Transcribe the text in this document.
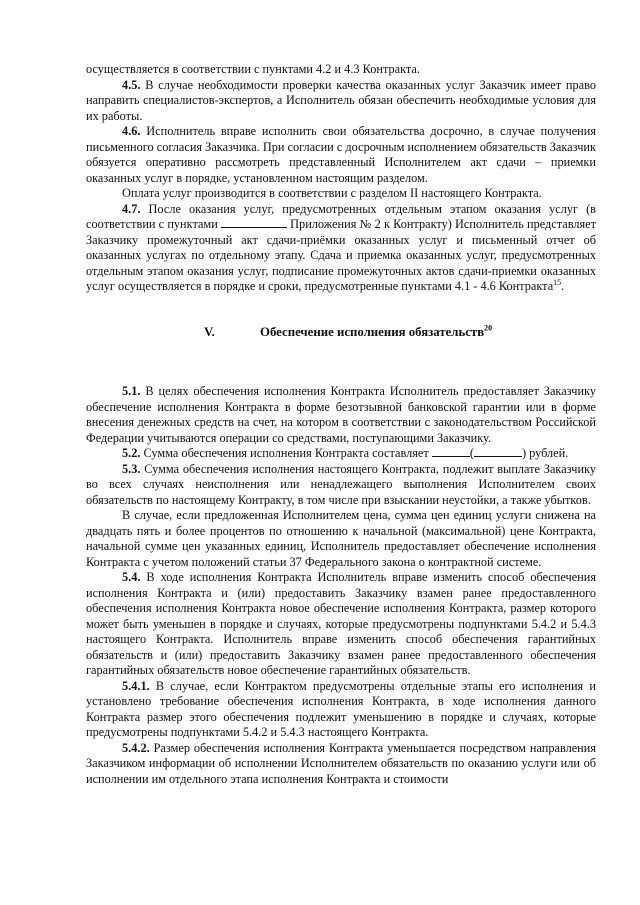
осуществляется в соответствии с пунктами 4.2 и 4.3 Контракта.

4.5. В случае необходимости проверки качества оказанных услуг Заказчик имеет право направить специалистов-экспертов, а Исполнитель обязан обеспечить необходимые условия для их работы.

4.6. Исполнитель вправе исполнить свои обязательства досрочно, в случае получения письменного согласия Заказчика. При согласии с досрочным исполнением обязательств Заказчик обязуется оперативно рассмотреть представленный Исполнителем акт сдачи – приемки оказанных услуг в порядке, установленном настоящим разделом.

Оплата услуг производится в соответствии с разделом II настоящего Контракта.

4.7. После оказания услуг, предусмотренных отдельным этапом оказания услуг (в соответствии с пунктами	Приложения № 2 к Контракту) Исполнитель представляет Заказчику промежуточный акт сдачи-приёмки оказанных услуг и письменный отчет об оказанных услугах по отдельному этапу. Сдача и приемка оказанных услуг, предусмотренных отдельным этапом оказания услуг, подписание промежуточных актов сдачи-приемки оказанных услуг осуществляется в порядке и сроки, предусмотренные пунктами 4.1 - 4.6 Контракта$^{15}$.

V.	Обеспечение исполнения обязательств$^{20}$

5.1. В целях обеспечения исполнения Контракта Исполнитель предоставляет Заказчику обеспечение исполнения Контракта в форме безотзывной банковской гарантии или в форме внесения денежных средств на счет, на котором в соответствии с законодательством Российской Федерации учитываются операции со средствами, поступающими Заказчику.

5.2. Сумма обеспечения исполнения Контракта составляет	(	) рублей.

5.3. Сумма обеспечения исполнения настоящего Контракта, подлежит выплате Заказчику во всех случаях неисполнения или ненадлежащего выполнения Исполнителем своих обязательств по настоящему Контракту, в том числе при взыскании неустойки, а также убытков.

В случае, если предложенная Исполнителем цена, сумма цен единиц услуги снижена на двадцать пять и более процентов по отношению к начальной (максимальной) цене Контракта, начальной сумме цен указанных единиц, Исполнитель предоставляет обеспечение исполнения Контракта с учетом положений статьи 37 Федерального закона о контрактной системе.

5.4. В ходе исполнения Контракта Исполнитель вправе изменить способ обеспечения исполнения Контракта и (или) предоставить Заказчику взамен ранее предоставленного обеспечения исполнения Контракта новое обеспечение исполнения Контракта, размер которого может быть уменьшен в порядке и случаях, которые предусмотрены подпунктами 5.4.2 и 5.4.3 настоящего Контракта. Исполнитель вправе изменить способ обеспечения гарантийных обязательств и (или) предоставить Заказчику взамен ранее предоставленного обеспечения гарантийных обязательств новое обеспечение гарантийных обязательств.

5.4.1. В случае, если Контрактом предусмотрены отдельные этапы его исполнения и установлено требование обеспечения исполнения Контракта, в ходе исполнения данного Контракта размер этого обеспечения подлежит уменьшению в порядке и случаях, которые предусмотрены подпунктами 5.4.2 и 5.4.3 настоящего Контракта.

5.4.2. Размер обеспечения исполнения Контракта уменьшается посредством направления Заказчиком информации об исполнении Исполнителем обязательств по оказанию услуги или об исполнении им отдельного этапа исполнения Контракта и стоимости
